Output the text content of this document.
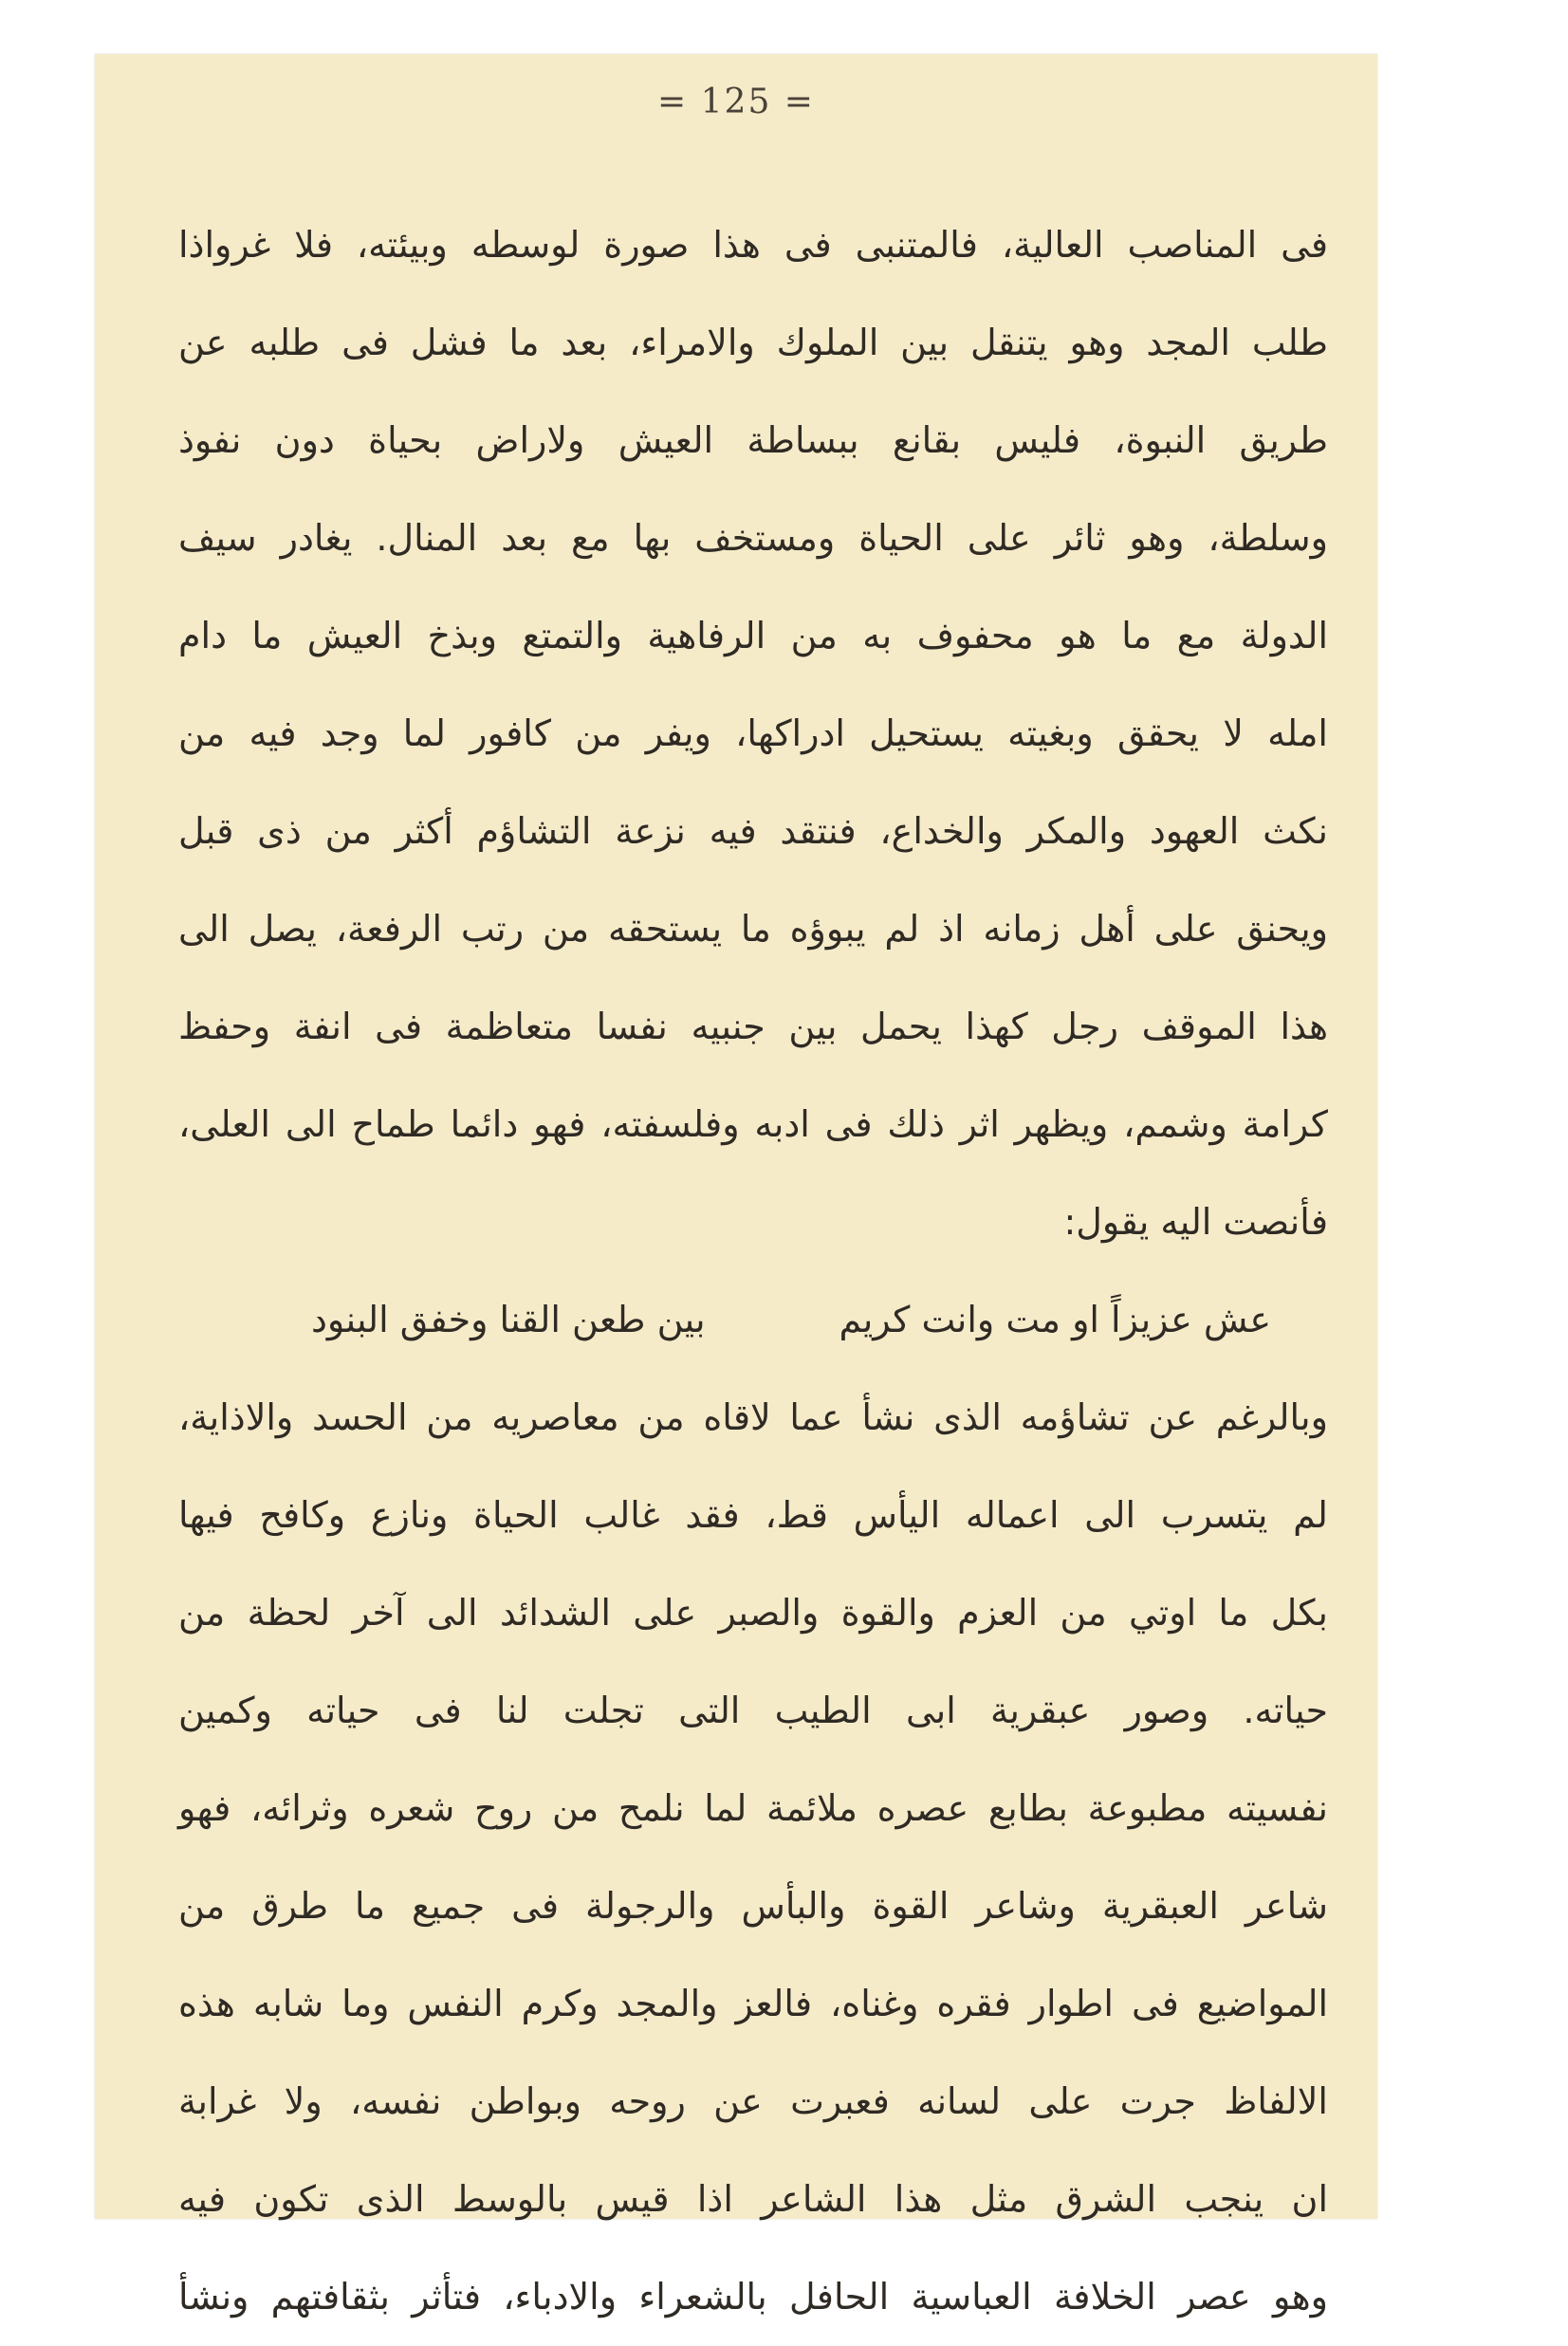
= 125 =
فى المناصب العالية، فالمتنبى فى هذا صورة لوسطه وبيئته، فلا غرواذا
طلب المجد وهو يتنقل بين الملوك والامراء، بعد ما فشل فى طلبه عن
طريق النبوة، فليس بقانع ببساطة العيش ولاراض بحياة دون نفوذ
وسلطة، وهو ثائر على الحياة ومستخف بها مع بعد المنال. يغادر سيف
الدولة مع ما هو محفوف به من الرفاهية والتمتع وبذخ العيش ما دام
امله لا يحقق وبغيته يستحيل ادراكها، ويفر من كافور لما وجد فيه من
نكث العهود والمكر والخداع، فنتقد فيه نزعة التشاؤم أكثر من ذى قبل
ويحنق على أهل زمانه اذ لم يبوؤه ما يستحقه من رتب الرفعة، يصل الى
هذا الموقف رجل كهذا يحمل بين جنبيه نفسا متعاظمة فى انفة وحفظ
كرامة وشمم، ويظهر اثر ذلك فى ادبه وفلسفته، فهو دائما طماح الى العلى،
فأنصت اليه يقول:
عش عزيزاً او مت وانت كريم
بين طعن القنا وخفق البنود
وبالرغم عن تشاؤمه الذى نشأ عما لاقاه من معاصريه من الحسد والاذاية،
لم يتسرب الى اعماله اليأس قط، فقد غالب الحياة ونازع وكافح فيها
بكل ما اوتي من العزم والقوة والصبر على الشدائد الى آخر لحظة من
حياته. وصور عبقرية ابى الطيب التى تجلت لنا فى حياته وكمين
نفسيته مطبوعة بطابع عصره ملائمة لما نلمح من روح شعره وثرائه، فهو
شاعر العبقرية وشاعر القوة والبأس والرجولة فى جميع ما طرق من
المواضيع فى اطوار فقره وغناه، فالعز والمجد وكرم النفس وما شابه هذه
الالفاظ جرت على لسانه فعبرت عن روحه وبواطن نفسه، ولا غرابة
ان ينجب الشرق مثل هذا الشاعر اذا قيس بالوسط الذى تكون فيه
وهو عصر الخلافة العباسية الحافل بالشعراء والادباء، فتأثر بثقافتهم ونشأ
